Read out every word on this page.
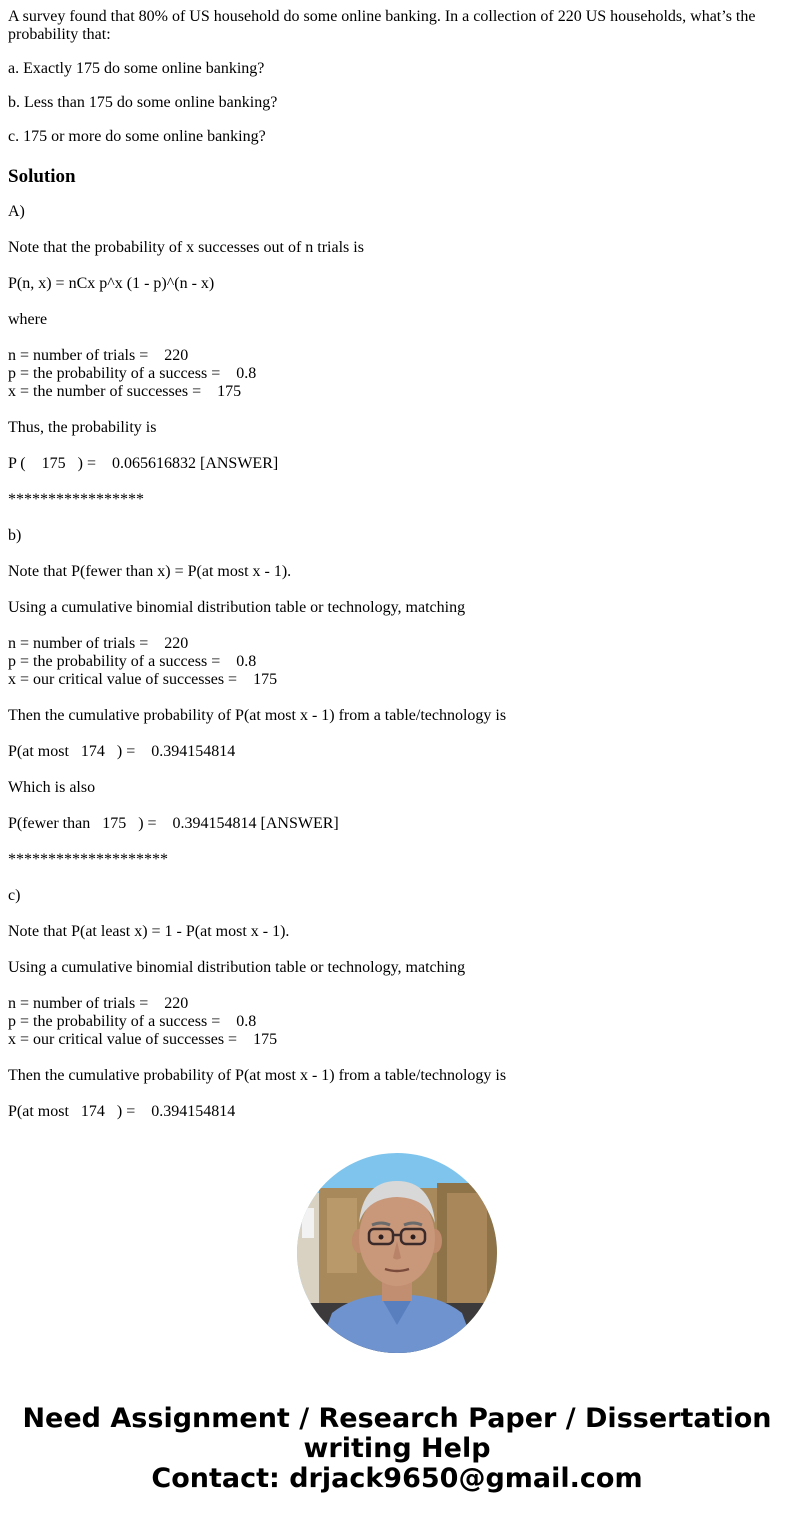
A survey found that 80% of US household do some online banking. In a collection of 220 US households, what’s the probability that:

a. Exactly 175 do some online banking?

b. Less than 175 do some online banking?

c. 175 or more do some online banking?

Solution

A)

Note that the probability of x successes out of n trials is

P(n, x) = nCx p^x (1 - p)^(n - x)

where

n = number of trials =    220

p = the probability of a success =    0.8

x = the number of successes =    175

Thus, the probability is

P (    175   ) =    0.065616832 [ANSWER]

*****************

b)

Note that P(fewer than x) = P(at most x - 1).

Using a cumulative binomial distribution table or technology, matching

n = number of trials =    220

p = the probability of a success =    0.8

x = our critical value of successes =    175

Then the cumulative probability of P(at most x - 1) from a table/technology is

P(at most   174   ) =    0.394154814

Which is also

P(fewer than   175   ) =    0.394154814 [ANSWER]

********************

c)

Note that P(at least x) = 1 - P(at most x - 1).

Using a cumulative binomial distribution table or technology, matching

n = number of trials =    220

p = the probability of a success =    0.8

x = our critical value of successes =    175

Then the cumulative probability of P(at most x - 1) from a table/technology is

P(at most   174   ) =    0.394154814

Need Assignment / Research Paper / Dissertation
writing Help
Contact: drjack9650@gmail.com
